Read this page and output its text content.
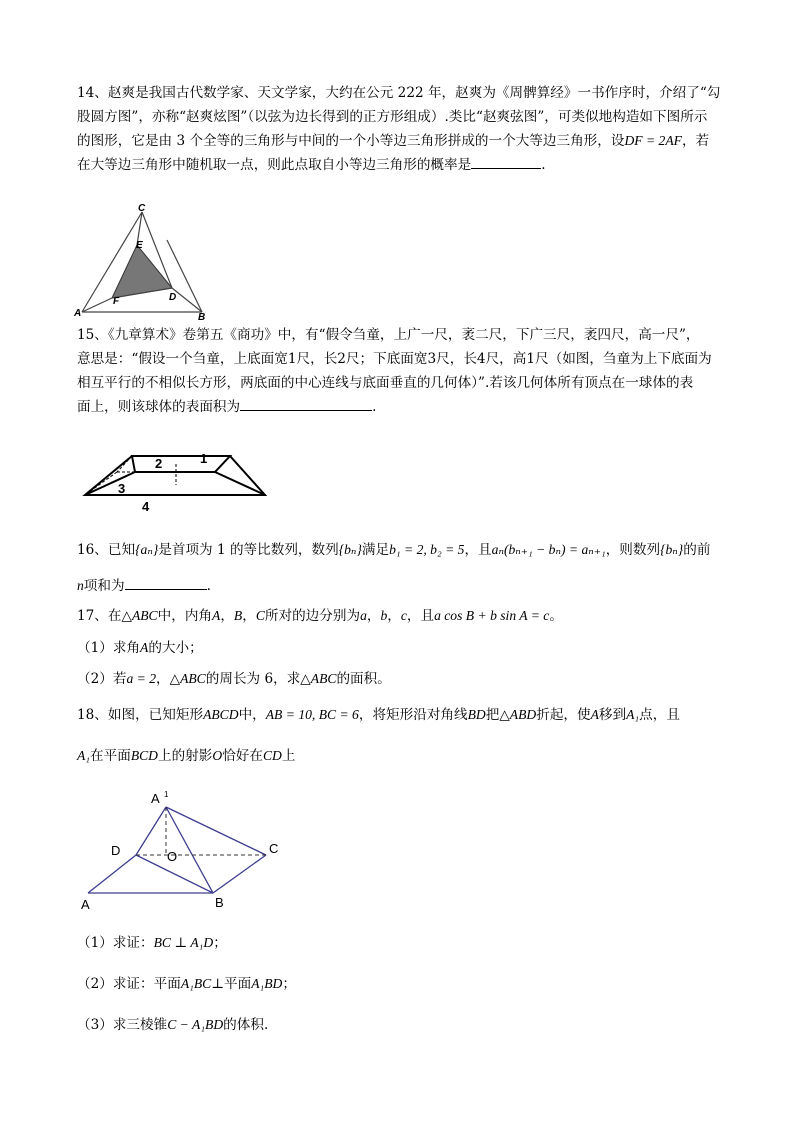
14、赵爽是我国古代数学家、天文学家，大约在公元 222 年，赵爽为《周髀算经》一书作序时，介绍了“勾
股圆方图”，亦称“赵爽炫图”（以弦为边长得到的正方形组成）.类比“赵爽弦图”，可类似地构造如下图所示
的图形，它是由 3 个全等的三角形与中间的一个小等边三角形拼成的一个大等边三角形，设DF = 2AF，若
在大等边三角形中随机取一点，则此点取自小等边三角形的概率是	.
C
E
F	D
A	B
15、《九章算术》卷第五《商功》中，有“假令刍童，上广一尺，袤二尺，下广三尺，袤四尺，高一尺”，
意思是：“假设一个刍童，上底面宽1尺，长2尺；下底面宽3尺，长4尺，高1尺（如图，刍童为上下底面为
相互平行的不相似长方形，两底面的中心连线与底面垂直的几何体）”.若该几何体所有顶点在一球体的表
面上，则该球体的表面积为	.
2	1
3
4
16、已知{aₙ}是首项为 1 的等比数列，数列{bₙ}满足b₁ = 2, b₂ = 5，且aₙ(bₙ₊₁ − bₙ) = aₙ₊₁，则数列{bₙ}的前
n项和为	.
17、在△ABC中，内角A，B，C所对的边分别为a，b，c，且a cos B + b sin A = c。
（1）求角A的大小；
（2）若a = 2，△ABC的周长为 6，求△ABC的面积。
18、如图，已知矩形ABCD中，AB = 10, BC = 6，将矩形沿对角线BD把△ABD折起，使A移到A₁点，且
A₁在平面BCD上的射影O恰好在CD上
A 1
D	O
C
A	B
（1）求证：BC ⊥ A₁D；
（2）求证：平面A₁BC⊥平面A₁BD；
（3）求三棱锥C − A₁BD的体积.
